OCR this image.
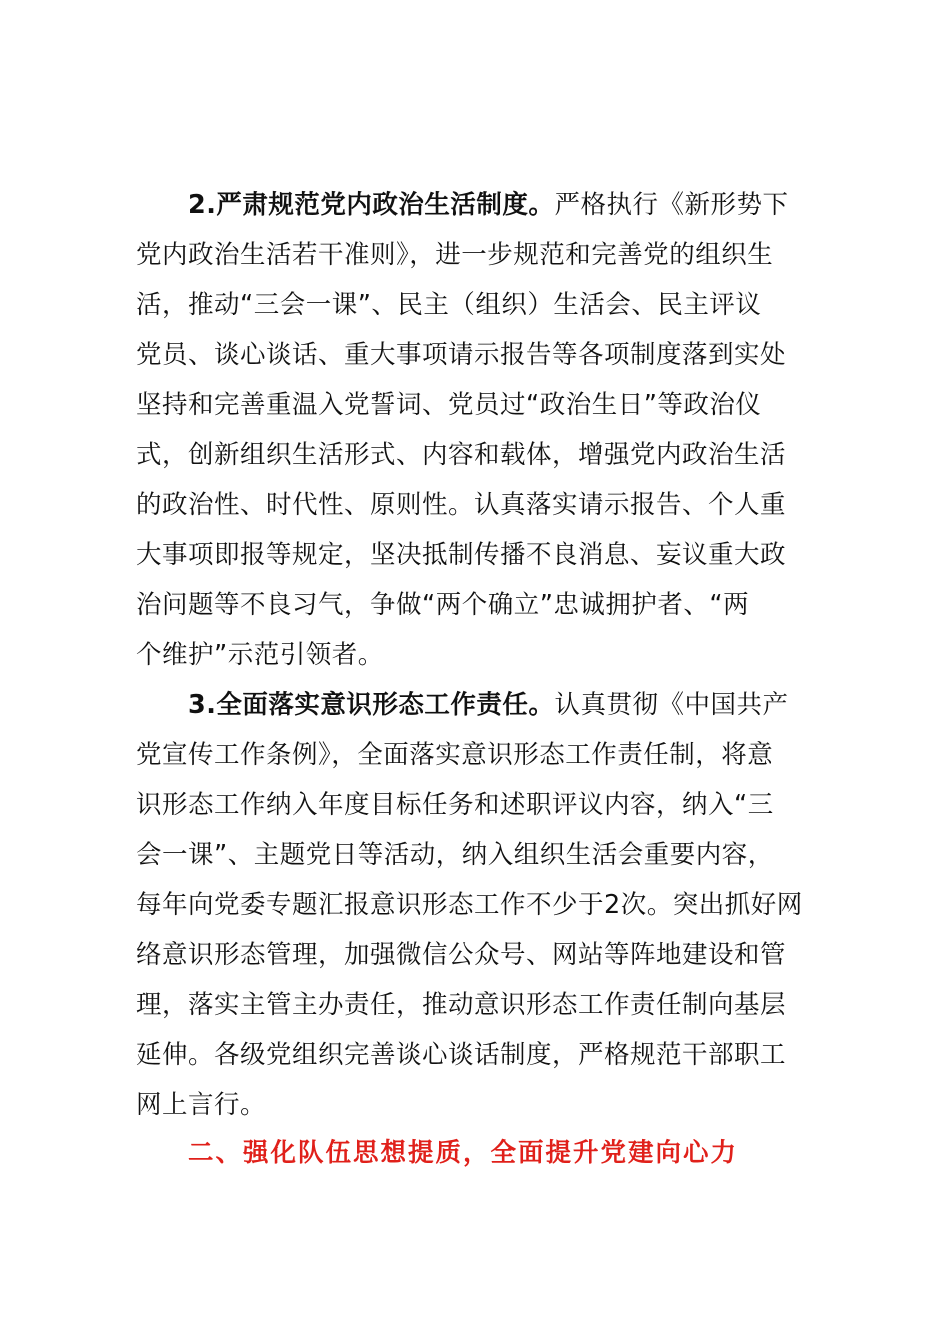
2.严肃规范党内政治生活制度。严格执行《新形势下
党内政治生活若干准则》，进一步规范和完善党的组织生
活，推动“三会一课”、民主（组织）生活会、民主评议
党员、谈心谈话、重大事项请示报告等各项制度落到实处
坚持和完善重温入党誓词、党员过“政治生日”等政治仪
式，创新组织生活形式、内容和载体，增强党内政治生活
的政治性、时代性、原则性。认真落实请示报告、个人重
大事项即报等规定，坚决抵制传播不良消息、妄议重大政
治问题等不良习气，争做“两个确立”忠诚拥护者、“两
个维护”示范引领者。
3.全面落实意识形态工作责任。认真贯彻《中国共产
党宣传工作条例》，全面落实意识形态工作责任制，将意
识形态工作纳入年度目标任务和述职评议内容，纳入“三
会一课”、主题党日等活动，纳入组织生活会重要内容，
每年向党委专题汇报意识形态工作不少于2次。突出抓好网
络意识形态管理，加强微信公众号、网站等阵地建设和管
理，落实主管主办责任，推动意识形态工作责任制向基层
延伸。各级党组织完善谈心谈话制度，严格规范干部职工
网上言行。
二、强化队伍思想提质，全面提升党建向心力
